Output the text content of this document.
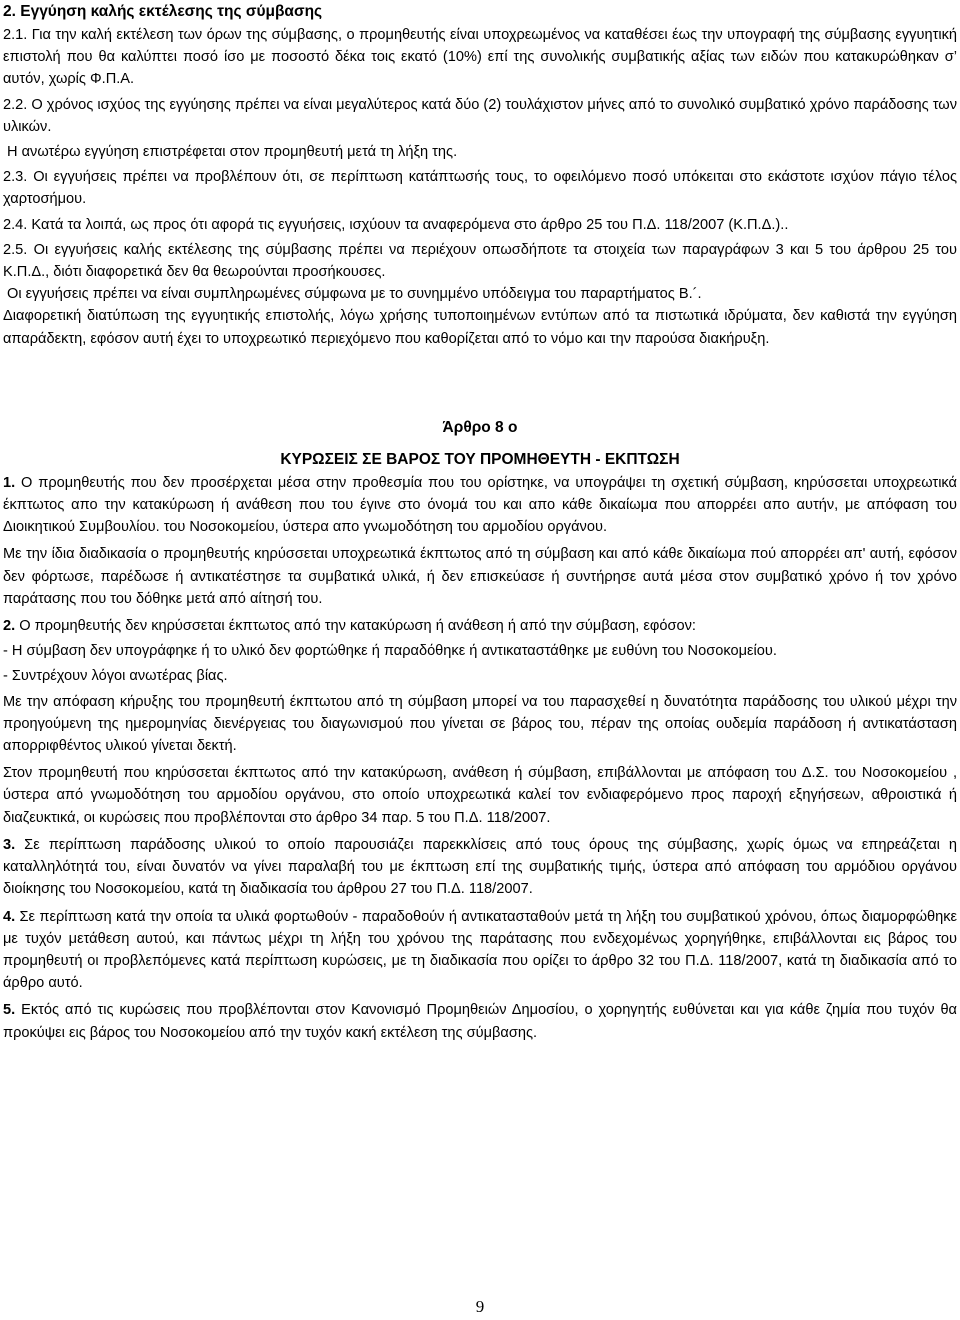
2. Εγγύηση καλής εκτέλεσης της σύμβασης

2.1. Για την καλή εκτέλεση των όρων της σύμβασης, ο προμηθευτής είναι υποχρεωμένος να καταθέσει έως την υπογραφή της σύμβασης εγγυητική επιστολή που θα καλύπτει ποσό ίσο με ποσοστό δέκα τοις εκατό (10%) επί της συνολικής συμβατικής αξίας των ειδών που κατακυρώθηκαν σ’ αυτόν, χωρίς Φ.Π.Α.

2.2. Ο χρόνος ισχύος της εγγύησης πρέπει να είναι μεγαλύτερος κατά δύο (2) τουλάχιστον μήνες από το συνολικό συμβατικό χρόνο παράδοσης των υλικών.

Η ανωτέρω εγγύηση επιστρέφεται στον προμηθευτή μετά τη λήξη της.

2.3. Οι εγγυήσεις πρέπει να προβλέπουν ότι, σε περίπτωση κατάπτωσής τους, το οφειλόμενο ποσό υπόκειται στο εκάστοτε ισχύον πάγιο τέλος χαρτοσήμου.

2.4. Κατά τα λοιπά, ως προς ότι αφορά τις εγγυήσεις, ισχύουν τα αναφερόμενα στο άρθρο 25 του Π.Δ. 118/2007 (Κ.Π.Δ.)..

2.5. Οι εγγυήσεις καλής εκτέλεσης της σύμβασης πρέπει να περιέχουν οπωσδήποτε τα στοιχεία των παραγράφων 3 και 5 του άρθρου 25 του Κ.Π.Δ., διότι διαφορετικά δεν θα θεωρούνται προσήκουσες.

Οι εγγυήσεις πρέπει να είναι συμπληρωμένες σύμφωνα με το συνημμένο υπόδειγμα του παραρτήματος Β.´.

Διαφορετική διατύπωση της εγγυητικής επιστολής, λόγω χρήσης τυποποιημένων εντύπων από τα πιστωτικά ιδρύματα, δεν καθιστά την εγγύηση απαράδεκτη, εφόσον αυτή έχει το υποχρεωτικό περιεχόμενο που καθορίζεται από το νόμο και την παρούσα διακήρυξη.

Άρθρο 8 ο

ΚΥΡΩΣΕΙΣ ΣΕ ΒΑΡΟΣ ΤΟΥ ΠΡΟΜΗΘΕΥΤΗ - ΕΚΠΤΩΣΗ

1. Ο προμηθευτής που δεν προσέρχεται μέσα στην προθεσμία που του ορίστηκε, να υπογράψει τη σχετική σύμβαση, κηρύσσεται υποχρεωτικά έκπτωτος απο την κατακύρωση ή ανάθεση που του έγινε στο όνομά του και απο κάθε δικαίωμα που απορρέει απο αυτήν, με απόφαση του Διοικητικού Συμβουλίου. του Νοσοκομείου, ύστερα απο γνωμοδότηση του αρμοδίου οργάνου.

Με την ίδια διαδικασία ο προμηθευτής κηρύσσεται υποχρεωτικά έκπτωτος από τη σύμβαση και από κάθε δικαίωμα πού απορρέει απ' αυτή, εφόσον δεν φόρτωσε, παρέδωσε ή αντικατέστησε τα συμβατικά υλικά, ή δεν επισκεύασε ή συντήρησε αυτά μέσα στον συμβατικό χρόνο ή τον χρόνο παράτασης που του δόθηκε μετά από αίτησή του.

2. Ο προμηθευτής δεν κηρύσσεται έκπτωτος από την κατακύρωση ή ανάθεση ή από την σύμβαση, εφόσον:

- Η σύμβαση δεν υπογράφηκε ή το υλικό δεν φορτώθηκε ή παραδόθηκε ή αντικαταστάθηκε με ευθύνη του Νοσοκομείου.

- Συντρέχουν λόγοι ανωτέρας βίας.

Με την απόφαση κήρυξης του προμηθευτή έκπτωτου από τη σύμβαση μπορεί να του παρασχεθεί η δυνατότητα παράδοσης του υλικού μέχρι την προηγούμενη της ημερομηνίας διενέργειας του διαγωνισμού που γίνεται σε βάρος του, πέραν της οποίας ουδεμία παράδοση ή αντικατάσταση απορριφθέντος υλικού γίνεται δεκτή.

Στον προμηθευτή που κηρύσσεται έκπτωτος από την κατακύρωση, ανάθεση ή σύμβαση, επιβάλλονται με απόφαση του Δ.Σ. του Νοσοκομείου , ύστερα από γνωμοδότηση του αρμοδίου οργάνου, στο οποίο υποχρεωτικά καλεί τον ενδιαφερόμενο προς παροχή εξηγήσεων, αθροιστικά ή διαζευκτικά, οι κυρώσεις που προβλέπονται στο άρθρο 34 παρ. 5 του Π.Δ. 118/2007.

3. Σε περίπτωση παράδοσης υλικού το οποίο παρουσιάζει παρεκκλίσεις από τους όρους της σύμβασης, χωρίς όμως να επηρεάζεται η καταλληλότητά του, είναι δυνατόν να γίνει παραλαβή του με έκπτωση επί της συμβατικής τιμής, ύστερα από απόφαση του αρμόδιου οργάνου διοίκησης του Νοσοκομείου, κατά τη διαδικασία του άρθρου 27 του Π.Δ. 118/2007.

4. Σε περίπτωση κατά την οποία τα υλικά φορτωθούν - παραδοθούν ή αντικατασταθούν μετά τη λήξη του συμβατικού χρόνου, όπως διαμορφώθηκε με τυχόν μετάθεση αυτού, και πάντως μέχρι τη λήξη του χρόνου της παράτασης που ενδεχομένως χορηγήθηκε, επιβάλλονται εις βάρος του προμηθευτή οι προβλεπόμενες κατά περίπτωση κυρώσεις, με τη διαδικασία που ορίζει το άρθρο 32 του Π.Δ. 118/2007, κατά τη διαδικασία από το άρθρο αυτό.

5. Εκτός από τις κυρώσεις που προβλέπονται στον Κανονισμό Προμηθειών Δημοσίου, ο χορηγητής ευθύνεται και για κάθε ζημία που τυχόν θα προκύψει εις βάρος του Νοσοκομείου από την τυχόν κακή εκτέλεση της σύμβασης.

9
